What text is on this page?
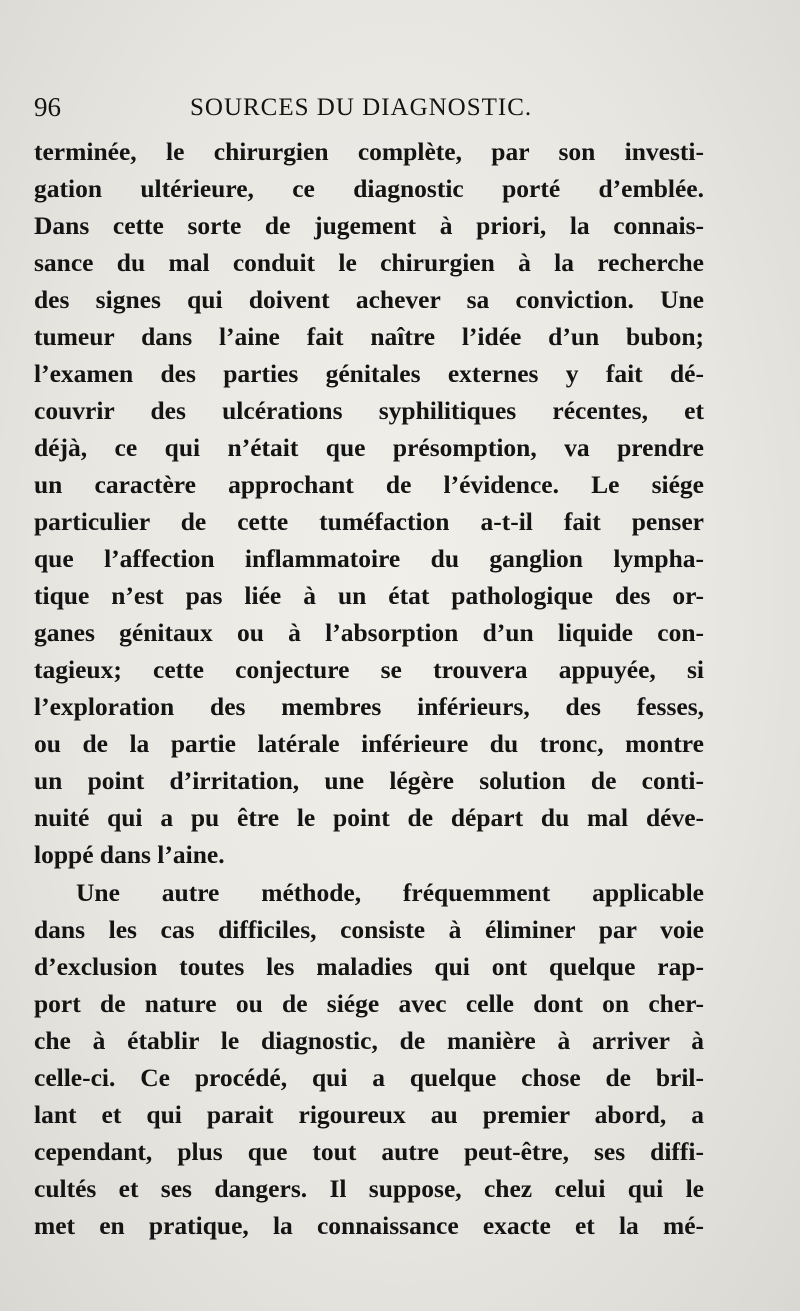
96	SOURCES DU DIAGNOSTIC.
terminée, le chirurgien complète, par son investi-
gation ultérieure, ce diagnostic porté d’emblée.
Dans cette sorte de jugement à priori, la connais-
sance du mal conduit le chirurgien à la recherche
des signes qui doivent achever sa conviction. Une
tumeur dans l’aine fait naître l’idée d’un bubon;
l’examen des parties génitales externes y fait dé-
couvrir des ulcérations syphilitiques récentes, et
déjà, ce qui n’était que présomption, va prendre
un caractère approchant de l’évidence. Le siége
particulier de cette tuméfaction a-t-il fait penser
que l’affection inflammatoire du ganglion lympha-
tique n’est pas liée à un état pathologique des or-
ganes génitaux ou à l’absorption d’un liquide con-
tagieux; cette conjecture se trouvera appuyée, si
l’exploration des membres inférieurs, des fesses,
ou de la partie latérale inférieure du tronc, montre
un point d’irritation, une légère solution de conti-
nuité qui a pu être le point de départ du mal déve-
loppé dans l’aine.
Une autre méthode, fréquemment applicable
dans les cas difficiles, consiste à éliminer par voie
d’exclusion toutes les maladies qui ont quelque rap-
port de nature ou de siége avec celle dont on cher-
che à établir le diagnostic, de manière à arriver à
celle-ci. Ce procédé, qui a quelque chose de bril-
lant et qui parait rigoureux au premier abord, a
cependant, plus que tout autre peut-être, ses diffi-
cultés et ses dangers. Il suppose, chez celui qui le
met en pratique, la connaissance exacte et la mé-
